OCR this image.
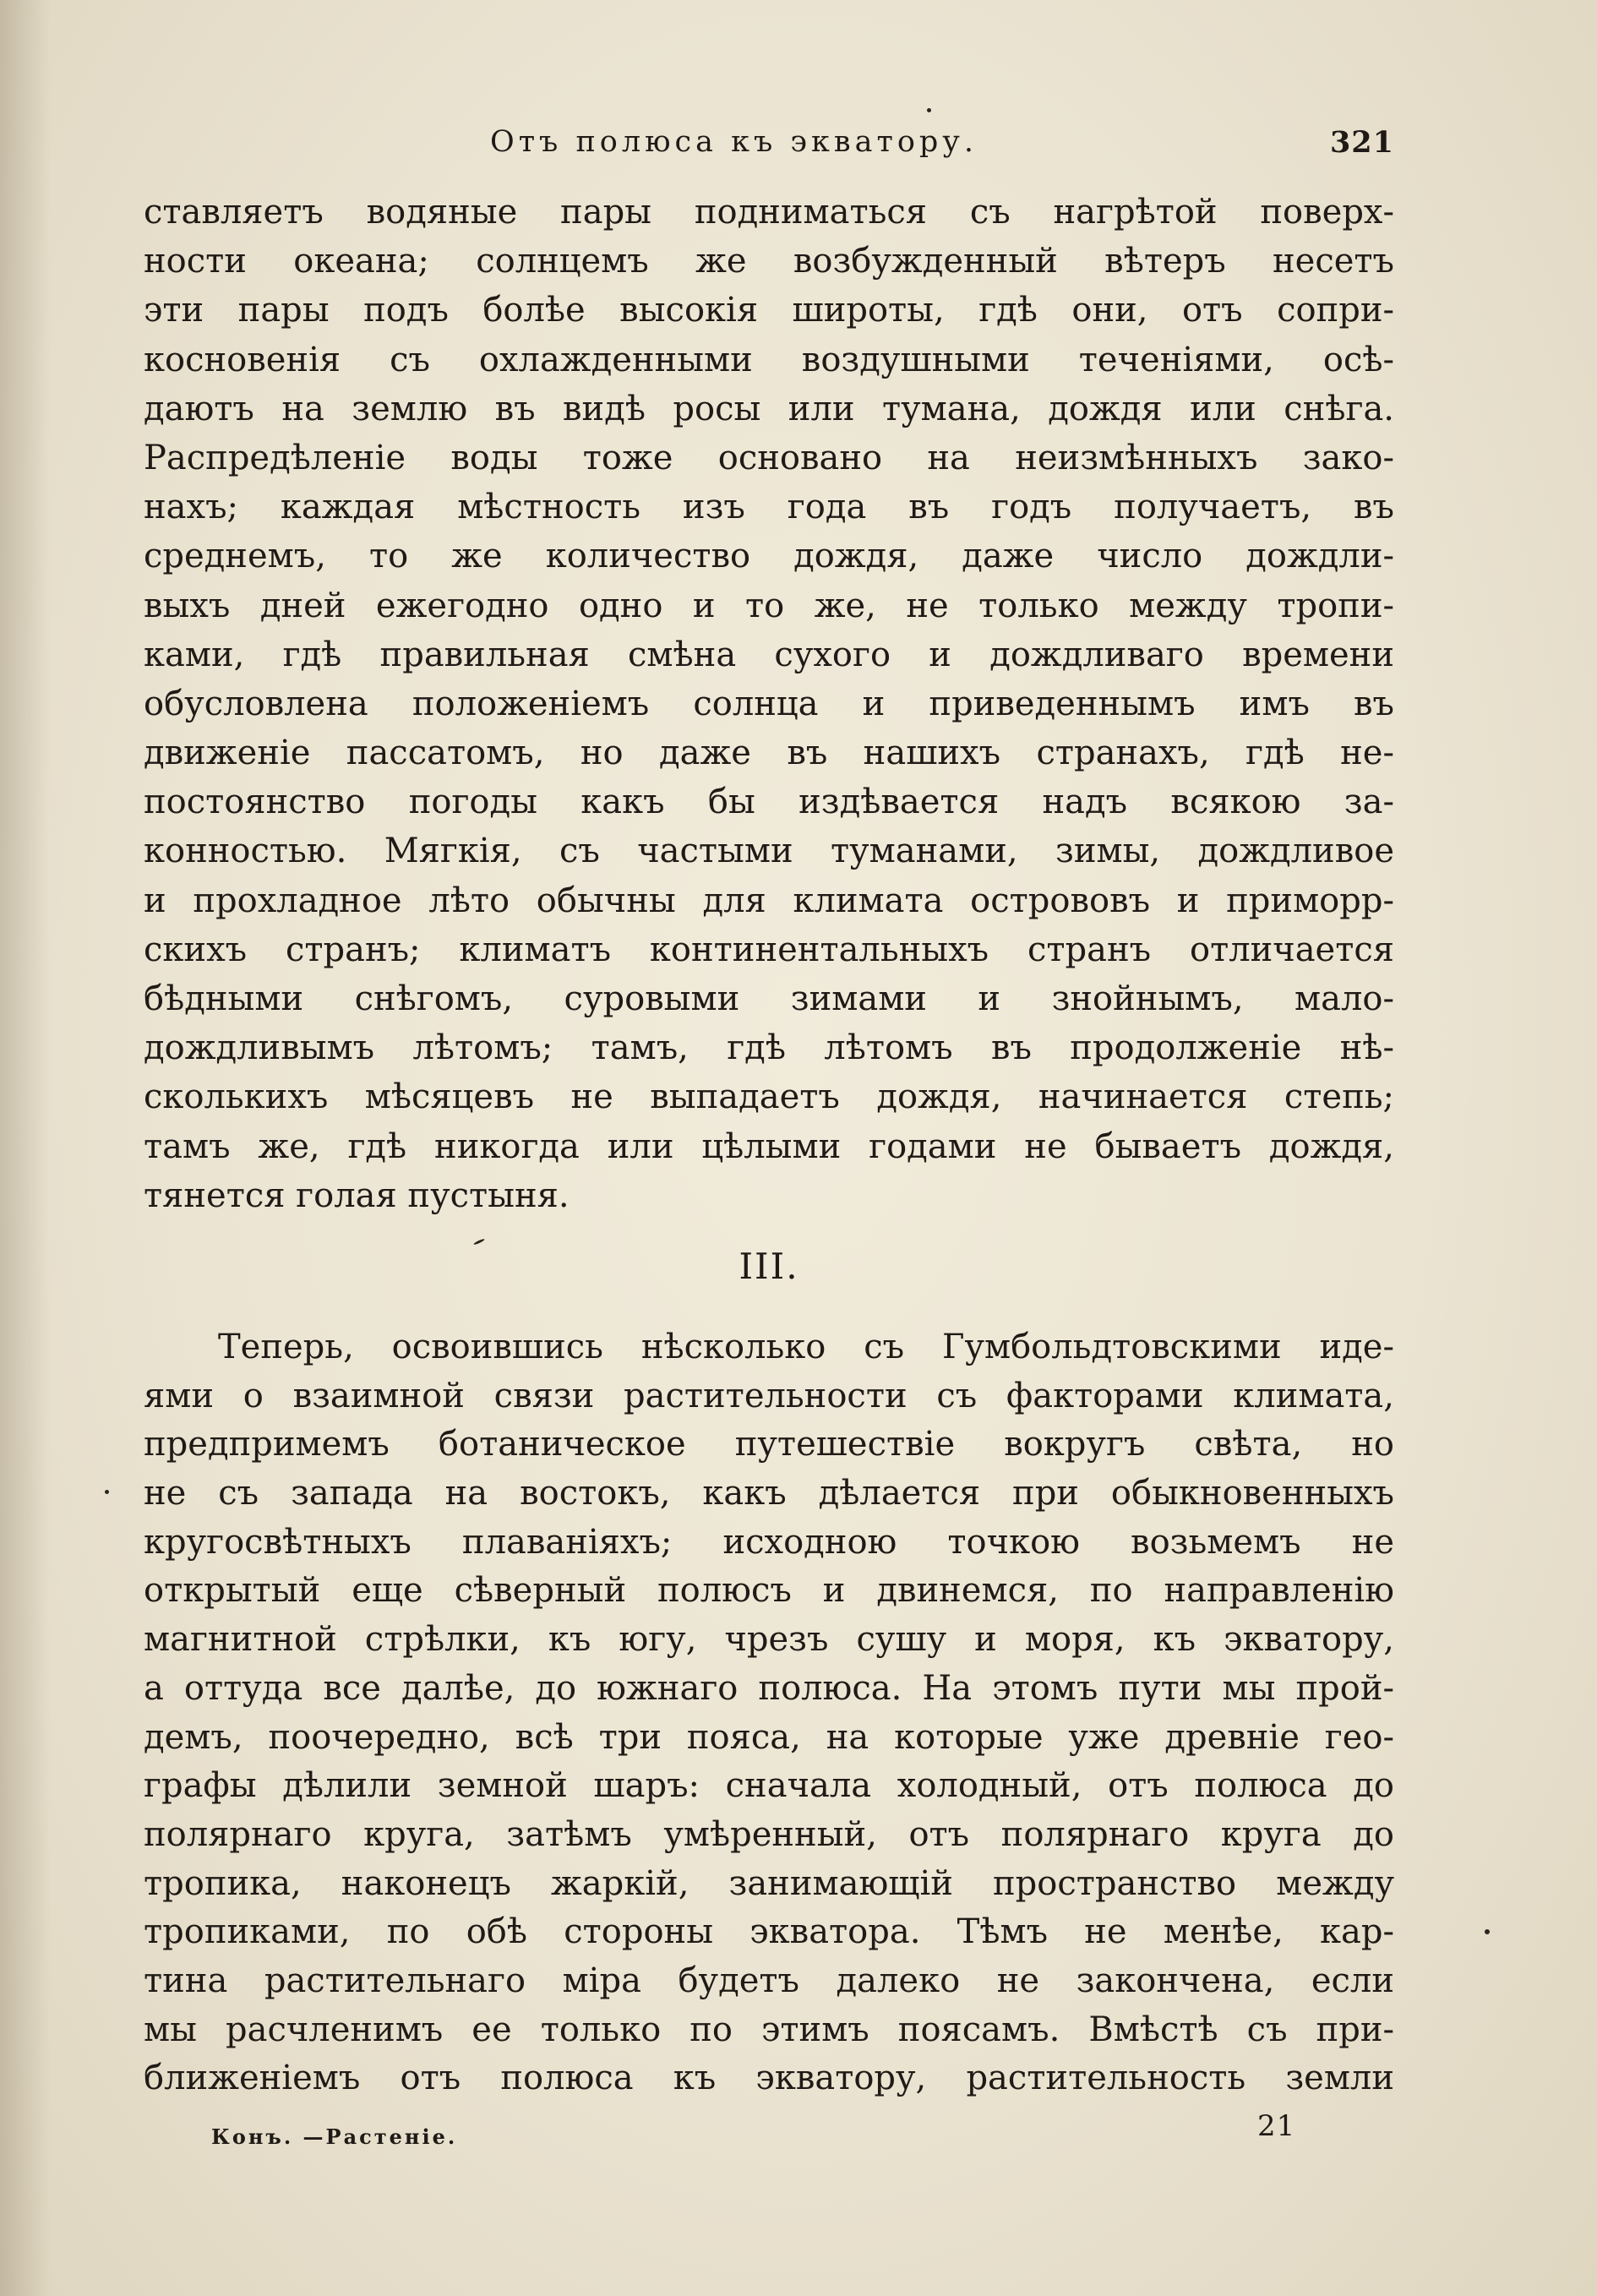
Отъ полюса къ экватору.	321
ставляетъ водяные пары подниматься съ нагрѣтой поверх-
ности океана; солнцемъ же возбужденный вѣтеръ несетъ
эти пары подъ болѣе высокія широты, гдѣ они, отъ сопри-
косновенія съ охлажденными воздушными теченіями, осѣ-
даютъ на землю въ видѣ росы или тумана, дождя или снѣга.
Распредѣленіе воды тоже основано на неизмѣнныхъ зако-
нахъ; каждая мѣстность изъ года въ годъ получаетъ, въ
среднемъ, то же количество дождя, даже число дождли-
выхъ дней ежегодно одно и то же, не только между тропи-
ками, гдѣ правильная смѣна сухого и дождливаго времени
обусловлена положеніемъ солнца и приведеннымъ имъ въ
движеніе пассатомъ, но даже въ нашихъ странахъ, гдѣ не-
постоянство погоды какъ бы издѣвается надъ всякою за-
конностью. Мягкія, съ частыми туманами, зимы, дождливое
и прохладное лѣто обычны для климата острововъ и приморр-
скихъ странъ; климатъ континентальныхъ странъ отличается
бѣдными снѣгомъ, суровыми зимами и знойнымъ, мало-
дождливымъ лѣтомъ; тамъ, гдѣ лѣтомъ въ продолженіе нѣ-
сколькихъ мѣсяцевъ не выпадаетъ дождя, начинается степь;
тамъ же, гдѣ никогда или цѣлыми годами не бываетъ дождя,
тянется голая пустыня.
III.
Теперь, освоившись нѣсколько съ Гумбольдтовскими иде-
ями о взаимной связи растительности съ факторами климата,
предпримемъ ботаническое путешествіе вокругъ свѣта, но
не съ запада на востокъ, какъ дѣлается при обыкновенныхъ
кругосвѣтныхъ плаваніяхъ; исходною точкою возьмемъ не
открытый еще сѣверный полюсъ и двинемся, по направленію
магнитной стрѣлки, къ югу, чрезъ сушу и моря, къ экватору,
а оттуда все далѣе, до южнаго полюса. На этомъ пути мы прой-
демъ, поочередно, всѣ три пояса, на которые уже древніе гео-
графы дѣлили земной шаръ: сначала холодный, отъ полюса до
полярнаго круга, затѣмъ умѣренный, отъ полярнаго круга до
тропика, наконецъ жаркій, занимающій пространство между
тропиками, по обѣ стороны экватора. Тѣмъ не менѣе, кар-
тина растительнаго міра будетъ далеко не закончена, если
мы расчленимъ ее только по этимъ поясамъ. Вмѣстѣ съ при-
ближеніемъ отъ полюса къ экватору, растительность земли
Конъ. —Растеніе.	21
